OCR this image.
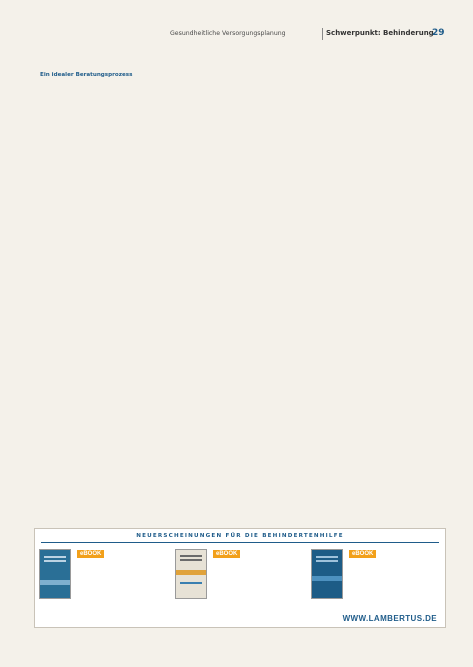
Gesundheitliche Versorgungsplanung	Schwerpunkt: Behinderung
29

Ein idealer Beratungsprozess

NEUERSCHEINUNGEN FÜR DIE BEHINDERTENHILFE
eBOOK	eBOOK	eBOOK
WWW.LAMBERTUS.DE
